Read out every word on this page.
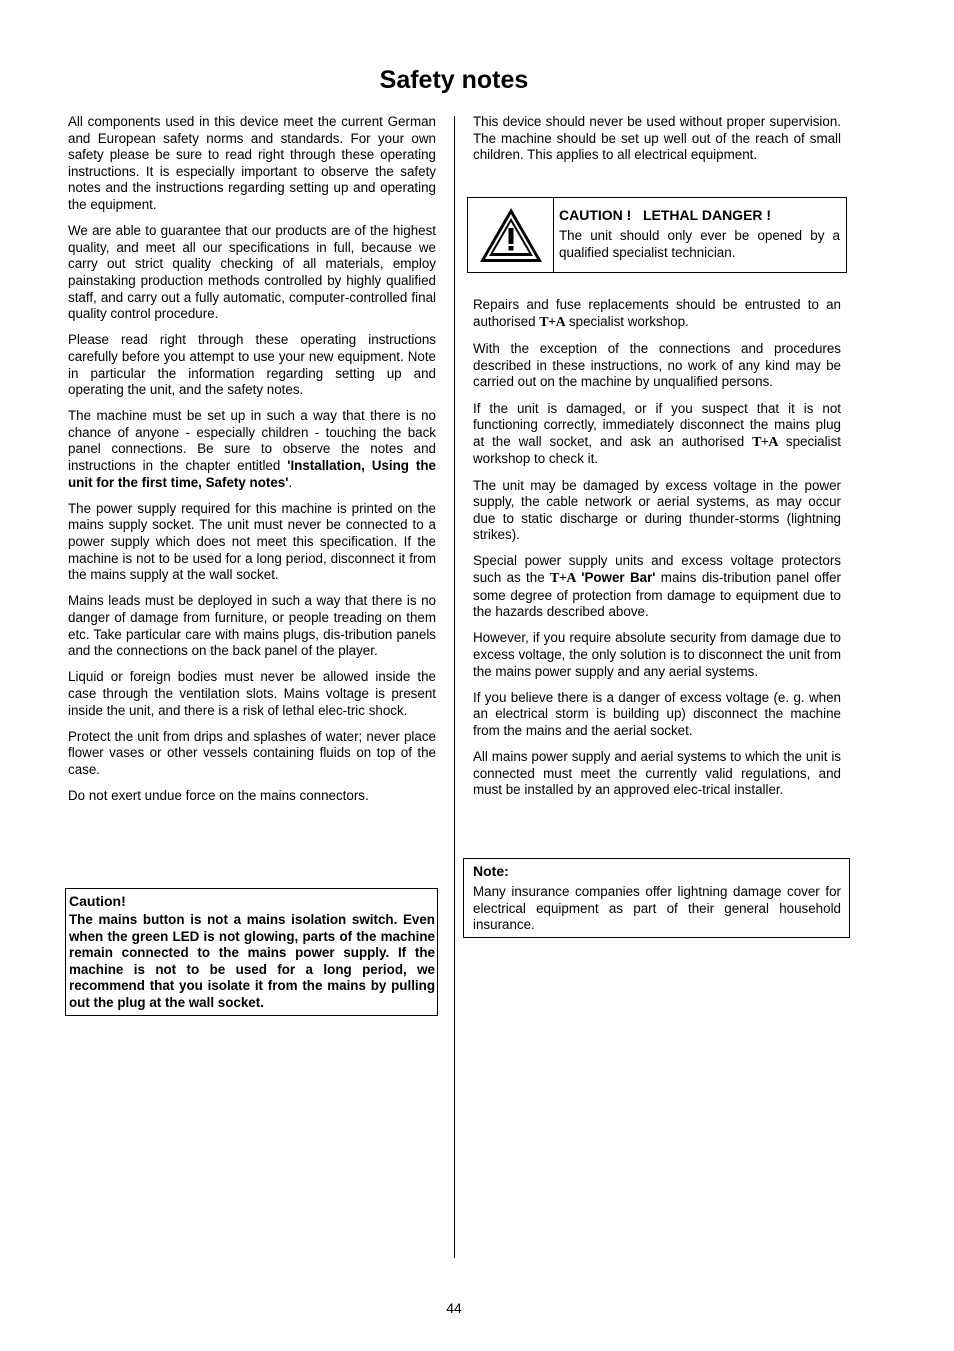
Safety notes

All components used in this device meet the current German and European safety norms and standards. For your own safety please be sure to read right through these operating instructions. It is especially important to observe the safety notes and the instructions regarding setting up and operating the equipment.

We are able to guarantee that our products are of the highest quality, and meet all our specifications in full, because we carry out strict quality checking of all materials, employ painstaking production methods controlled by highly qualified staff, and carry out a fully automatic, computer-controlled final quality control procedure.

Please read right through these operating instructions carefully before you attempt to use your new equipment. Note in particular the information regarding setting up and operating the unit, and the safety notes.

The machine must be set up in such a way that there is no chance of anyone - especially children - touching the back panel connections. Be sure to observe the notes and instructions in the chapter entitled 'Installation, Using the unit for the first time, Safety notes'.

The power supply required for this machine is printed on the mains supply socket. The unit must never be connected to a power supply which does not meet this specification. If the machine is not to be used for a long period, disconnect it from the mains supply at the wall socket.

Mains leads must be deployed in such a way that there is no danger of damage from furniture, or people treading on them etc. Take particular care with mains plugs, dis-tribution panels and the connections on the back panel of the player.

Liquid or foreign bodies must never be allowed inside the case through the ventilation slots. Mains voltage is present inside the unit, and there is a risk of lethal elec-tric shock.

Protect the unit from drips and splashes of water; never place flower vases or other vessels containing fluids on top of the case.

Do not exert undue force on the mains connectors.

Caution!
The mains button is not a mains isolation switch. Even when the green LED is not glowing, parts of the machine remain connected to the mains power supply. If the machine is not to be used for a long period, we recommend that you isolate it from the mains by pulling out the plug at the wall socket.

This device should never be used without proper supervision. The machine should be set up well out of the reach of small children. This applies to all electrical equipment.

Repairs and fuse replacements should be entrusted to an authorised T+A specialist workshop.

With the exception of the connections and procedures described in these instructions, no work of any kind may be carried out on the machine by unqualified persons.

If the unit is damaged, or if you suspect that it is not functioning correctly, immediately disconnect the mains plug at the wall socket, and ask an authorised T+A specialist workshop to check it.

The unit may be damaged by excess voltage in the power supply, the cable network or aerial systems, as may occur due to static discharge or during thunder-storms (lightning strikes).

Special power supply units and excess voltage protectors such as the T+A 'Power Bar' mains dis-tribution panel offer some degree of protection from damage to equipment due to the hazards described above.

However, if you require absolute security from damage due to excess voltage, the only solution is to disconnect the unit from the mains power supply and any aerial systems.

If you believe there is a danger of excess voltage (e. g. when an electrical storm is building up) disconnect the machine from the mains and the aerial socket.

All mains power supply and aerial systems to which the unit is connected must meet the currently valid regulations, and must be installed by an approved elec-trical installer.

CAUTION !   LETHAL DANGER !
The unit should only ever be opened by a qualified specialist technician.
Note:
Many insurance companies offer lightning damage cover for electrical equipment as part of their general household insurance.
44
